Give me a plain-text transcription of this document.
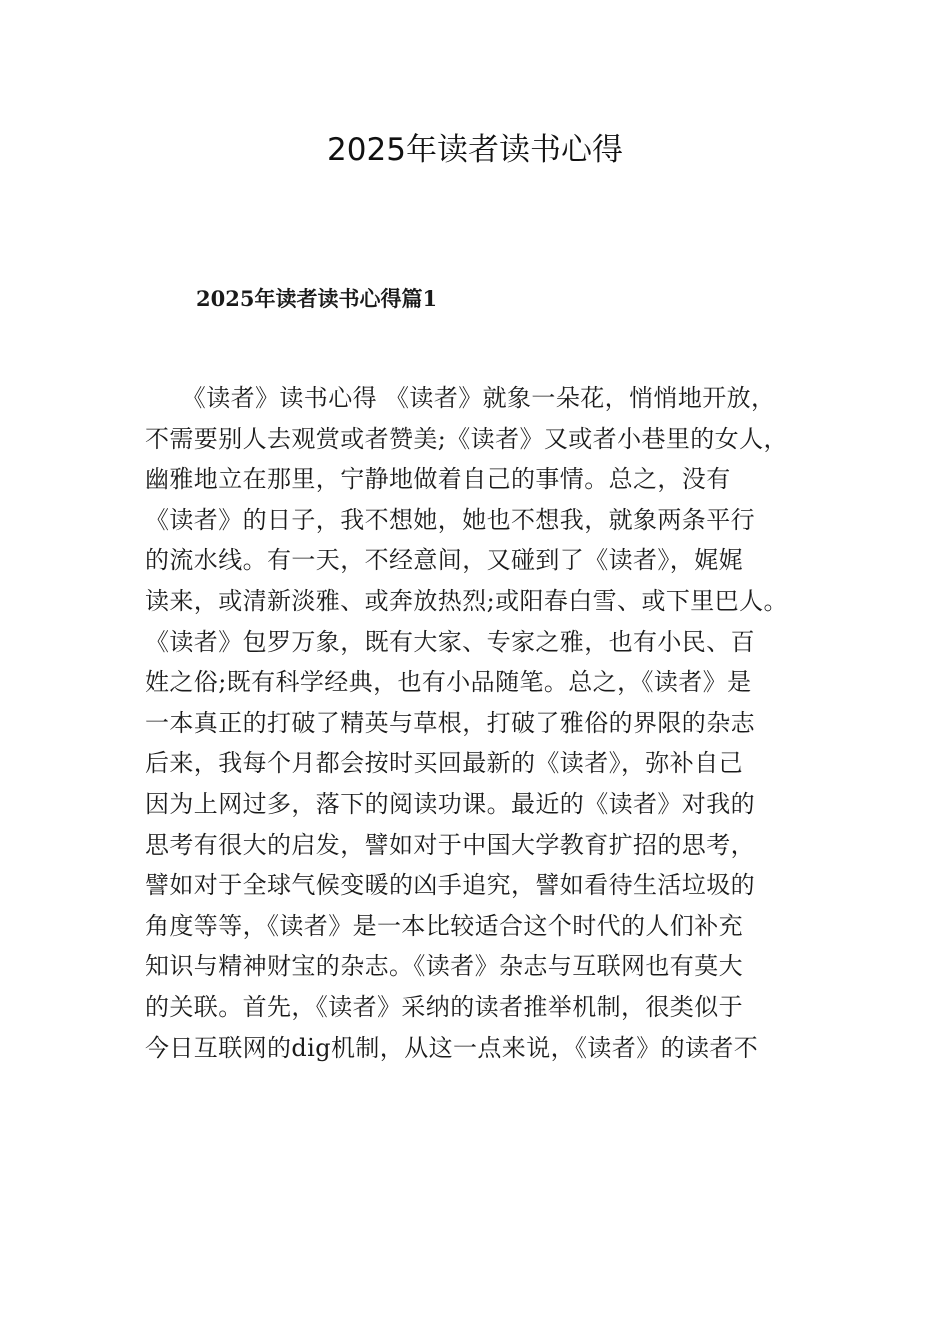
2025年读者读书心得
2025年读者读书心得篇1
　　《读者》读书心得 《读者》就象一朵花，悄悄地开放，
不需要别人去观赏或者赞美;《读者》又或者小巷里的女人，
幽雅地立在那里，宁静地做着自己的事情。总之，没有
《读者》的日子，我不想她，她也不想我，就象两条平行
的流水线。有一天，不经意间，又碰到了《读者》，娓娓
读来，或清新淡雅、或奔放热烈;或阳春白雪、或下里巴人。
《读者》包罗万象，既有大家、专家之雅，也有小民、百
姓之俗;既有科学经典，也有小品随笔。总之，《读者》是
一本真正的打破了精英与草根，打破了雅俗的界限的杂志
后来，我每个月都会按时买回最新的《读者》，弥补自己
因为上网过多，落下的阅读功课。最近的《读者》对我的
思考有很大的启发，譬如对于中国大学教育扩招的思考，
譬如对于全球气候变暖的凶手追究，譬如看待生活垃圾的
角度等等，《读者》是一本比较适合这个时代的人们补充
知识与精神财宝的杂志。《读者》杂志与互联网也有莫大
的关联。首先，《读者》采纳的读者推举机制，很类似于
今日互联网的dig机制，从这一点来说，《读者》的读者不
